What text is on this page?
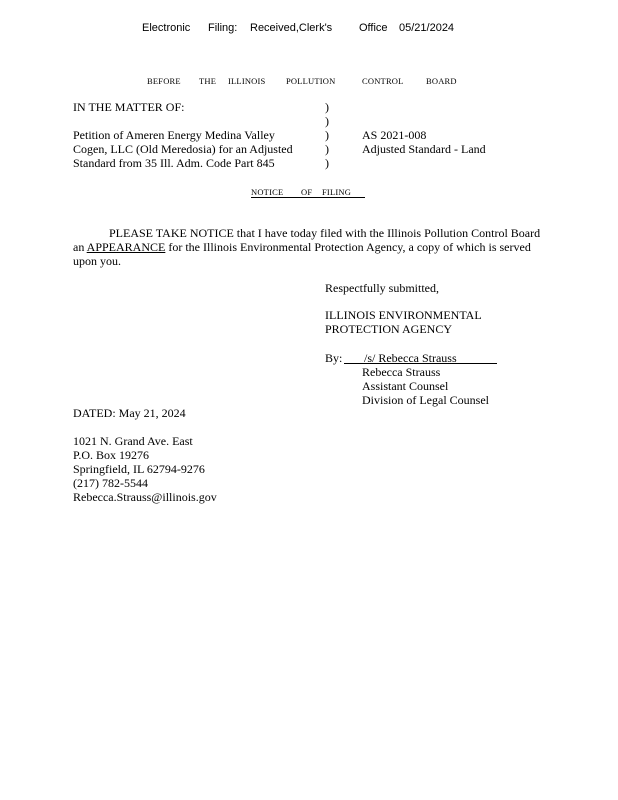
Electronic Filing: Received,Clerk's Office 05/21/2024
BEFORE THE ILLINOIS POLLUTION	CONTROL	BOARD
IN THE MATTER OF:
Petition of Ameren Energy Medina Valley
Cogen, LLC (Old Meredosia) for an Adjusted
Standard from 35 Ill. Adm. Code Part 845
)
)
)
)
)
AS 2021-008
Adjusted Standard - Land
NOTICE OF FILING
PLEASE TAKE NOTICE that I have today filed with the Illinois Pollution Control Board
an APPEARANCE for the Illinois Environmental Protection Agency, a copy of which is served
upon you.
Respectfully submitted,
ILLINOIS ENVIRONMENTAL
PROTECTION AGENCY
By: /s/ Rebecca Strauss
Rebecca Strauss
Assistant Counsel
Division of Legal Counsel
DATED: May 21, 2024
1021 N. Grand Ave. East
P.O. Box 19276
Springfield, IL 62794-9276
(217) 782-5544
Rebecca.Strauss@illinois.gov
